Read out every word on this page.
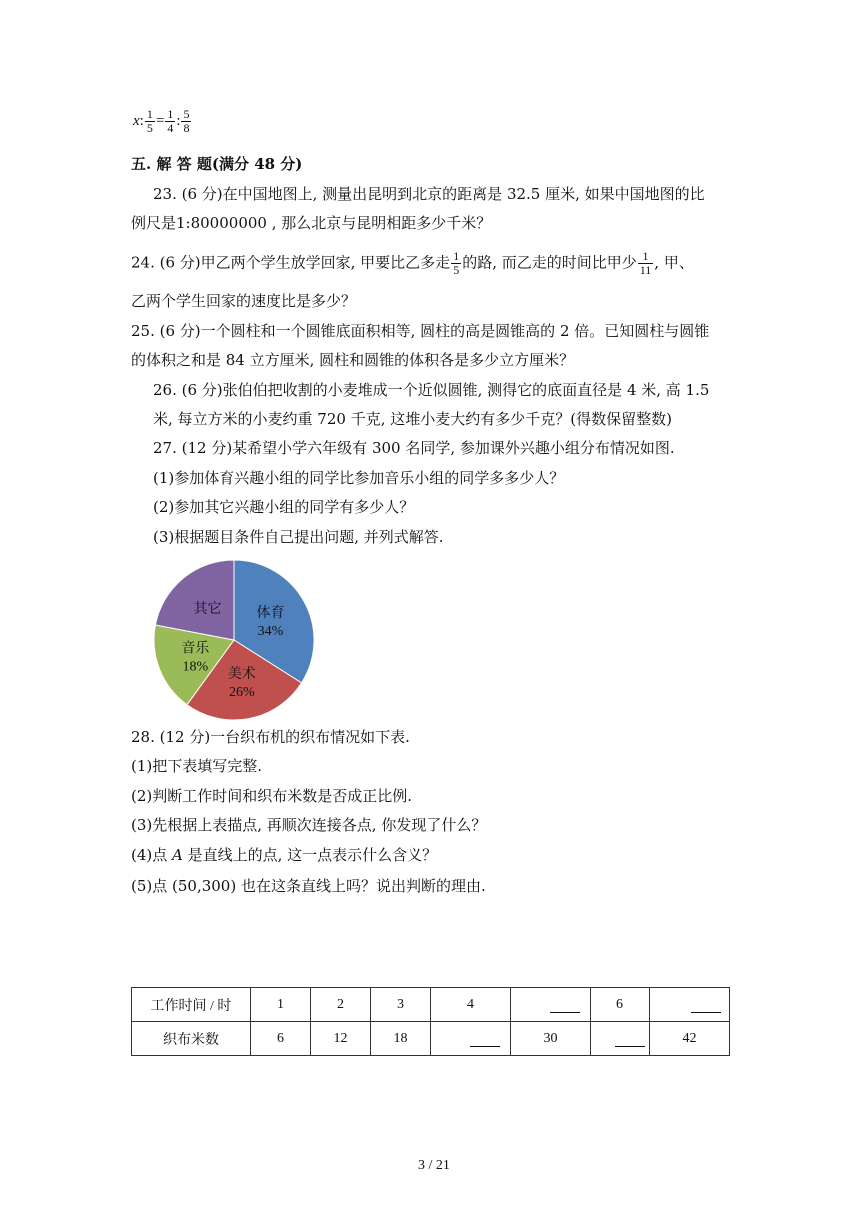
x: $\frac{1}{5} = \frac{1}{4}$ : $\frac{5}{8}$
五. 解 答 题(满分 48 分)
23. (6 分)在中国地图上, 测量出昆明到北京的距离是 32.5 厘米, 如果中国地图的比
例尺是1:80000000 , 那么北京与昆明相距多少千米？
24. (6 分)甲乙两个学生放学回家, 甲要比乙多走 $\frac{1}{5}$ 的路, 而乙走的时间比甲少 $\frac{1}{11}$ , 甲、
乙两个学生回家的速度比是多少？
25. (6 分)一个圆柱和一个圆锥底面积相等, 圆柱的高是圆锥高的 2 倍。已知圆柱与圆锥
的体积之和是 84 立方厘米, 圆柱和圆锥的体积各是多少立方厘米？
26. (6 分)张伯伯把收割的小麦堆成一个近似圆锥, 测得它的底面直径是 4 米, 高 1.5
米, 每立方米的小麦约重 720 千克, 这堆小麦大约有多少千克？(得数保留整数)
27. (12 分)某希望小学六年级有 300 名同学, 参加课外兴趣小组分布情况如图.
(1)参加体育兴趣小组的同学比参加音乐小组的同学多多少人？
(2)参加其它兴趣小组的同学有多少人？
(3)根据题目条件自己提出问题, 并列式解答.
体育
34%
美术
26%
音乐
18%
其它
28. (12 分)一台织布机的织布情况如下表.
(1)把下表填写完整.
(2)判断工作时间和织布米数是否成正比例.
(3)先根据上表描点, 再顺次连接各点, 你发现了什么？
(4)点 A 是直线上的点, 这一点表示什么含义？
(5)点 (50,300) 也在这条直线上吗？说出判断的理由.
工作时间 / 时	1	2	3	4		6	
织布米数	6	12	18		30		42
3 / 21
